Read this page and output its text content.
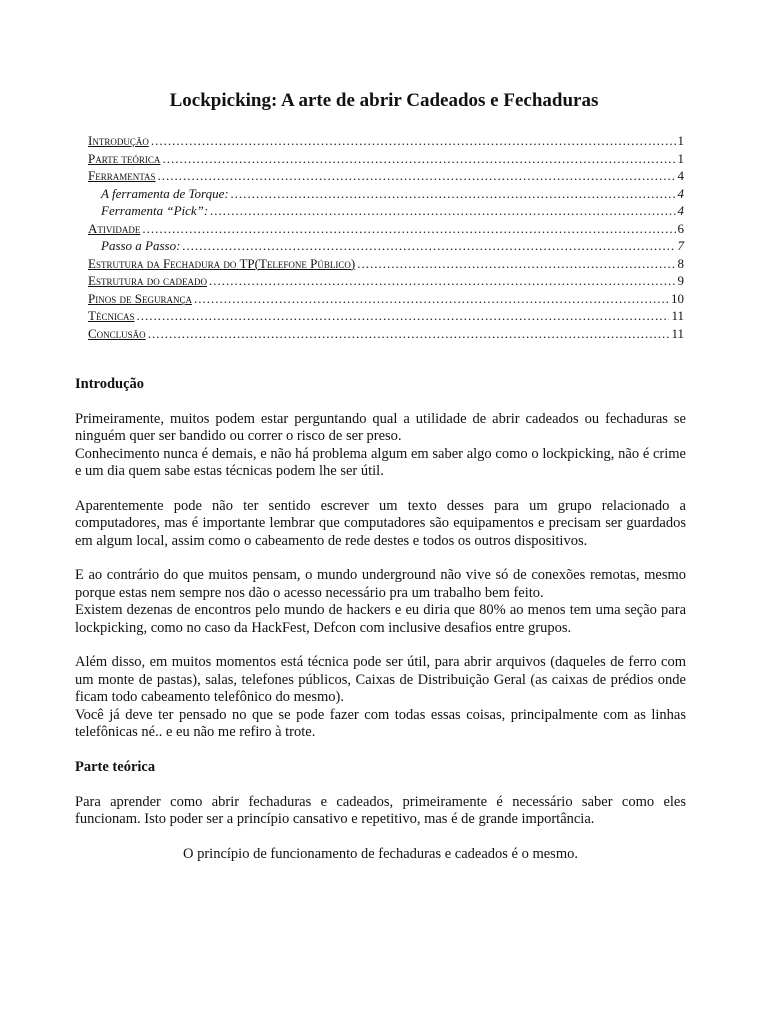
Lockpicking: A arte de abrir Cadeados e Fechaduras
Introdução .....	1
Parte teórica .....	1
Ferramentas .....	4
A ferramenta de Torque: .....	4
Ferramenta “Pick”: .....	4
Atividade .....	6
Passo a Passo: .....	7
Estrutura da Fechadura do TP(Telefone Público) .....	8
Estrutura do cadeado .....	9
Pinos de Segurança .....	10
Técnicas .....	11
Conclusão .....	11

Introdução

Primeiramente, muitos podem estar perguntando qual a utilidade de abrir cadeados ou fechaduras se ninguém quer ser bandido ou correr o risco de ser preso.

Conhecimento nunca é demais, e não há problema algum em saber algo como o lockpicking, não é crime e um dia quem sabe estas técnicas podem lhe ser útil.

Aparentemente pode não ter sentido escrever um texto desses para um grupo relacionado a computadores, mas é importante lembrar que computadores são equipamentos e precisam ser guardados em algum local, assim como o cabeamento de rede destes e todos os outros dispositivos.

E ao contrário do que muitos pensam, o mundo underground não vive só de conexões remotas, mesmo porque estas nem sempre nos dão o acesso necessário pra um trabalho bem feito.

Existem dezenas de encontros pelo mundo de hackers e eu diria que 80% ao menos tem uma seção para lockpicking, como no caso da HackFest, Defcon com inclusive desafios entre grupos.

Além disso, em muitos momentos está técnica pode ser útil, para abrir arquivos (daqueles de ferro com um monte de pastas), salas, telefones públicos, Caixas de Distribuição Geral (as caixas de prédios onde ficam todo cabeamento telefônico do mesmo).

Você já deve ter pensado no que se pode fazer com todas essas coisas, principalmente com as linhas telefônicas né.. e eu não me refiro à trote.

Parte teórica

Para aprender como abrir fechaduras e cadeados, primeiramente é necessário saber como eles funcionam. Isto poder ser a princípio cansativo e repetitivo, mas é de grande importância.

O princípio de funcionamento de fechaduras e cadeados é o mesmo.
